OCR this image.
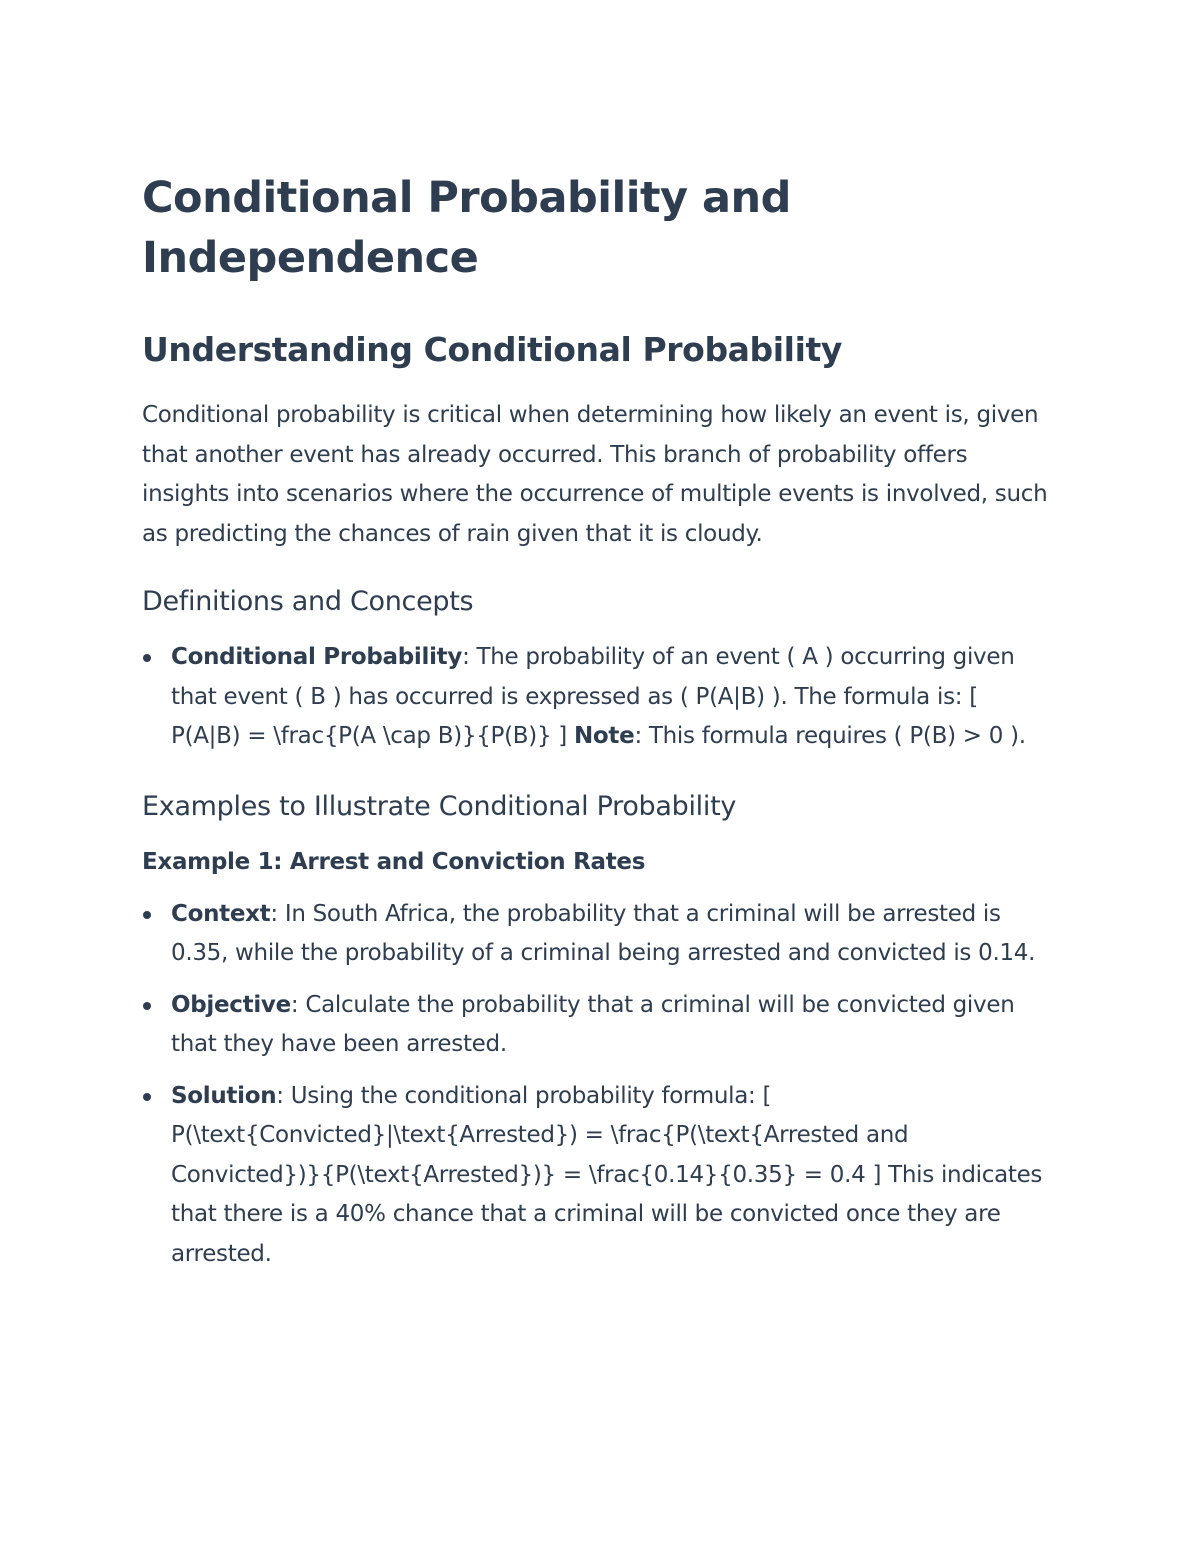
Conditional Probability and Independence
Understanding Conditional Probability

Conditional probability is critical when determining how likely an event is, given that another event has already occurred. This branch of probability offers insights into scenarios where the occurrence of multiple events is involved, such as predicting the chances of rain given that it is cloudy.

Definitions and Concepts
Conditional Probability: The probability of an event ( A ) occurring given that event ( B ) has occurred is expressed as ( P(A|B) ). The formula is: [ P(A|B) = \frac{P(A \cap B)}{P(B)} ] Note: This formula requires ( P(B) > 0 ).
Examples to Illustrate Conditional Probability
Example 1: Arrest and Conviction Rates
Context: In South Africa, the probability that a criminal will be arrested is 0.35, while the probability of a criminal being arrested and convicted is 0.14.
Objective: Calculate the probability that a criminal will be convicted given that they have been arrested.
Solution: Using the conditional probability formula: [ P(\text{Convicted}|\text{Arrested}) = \frac{P(\text{Arrested and Convicted})}{P(\text{Arrested})} = \frac{0.14}{0.35} = 0.4 ] This indicates that there is a 40% chance that a criminal will be convicted once they are arrested.
